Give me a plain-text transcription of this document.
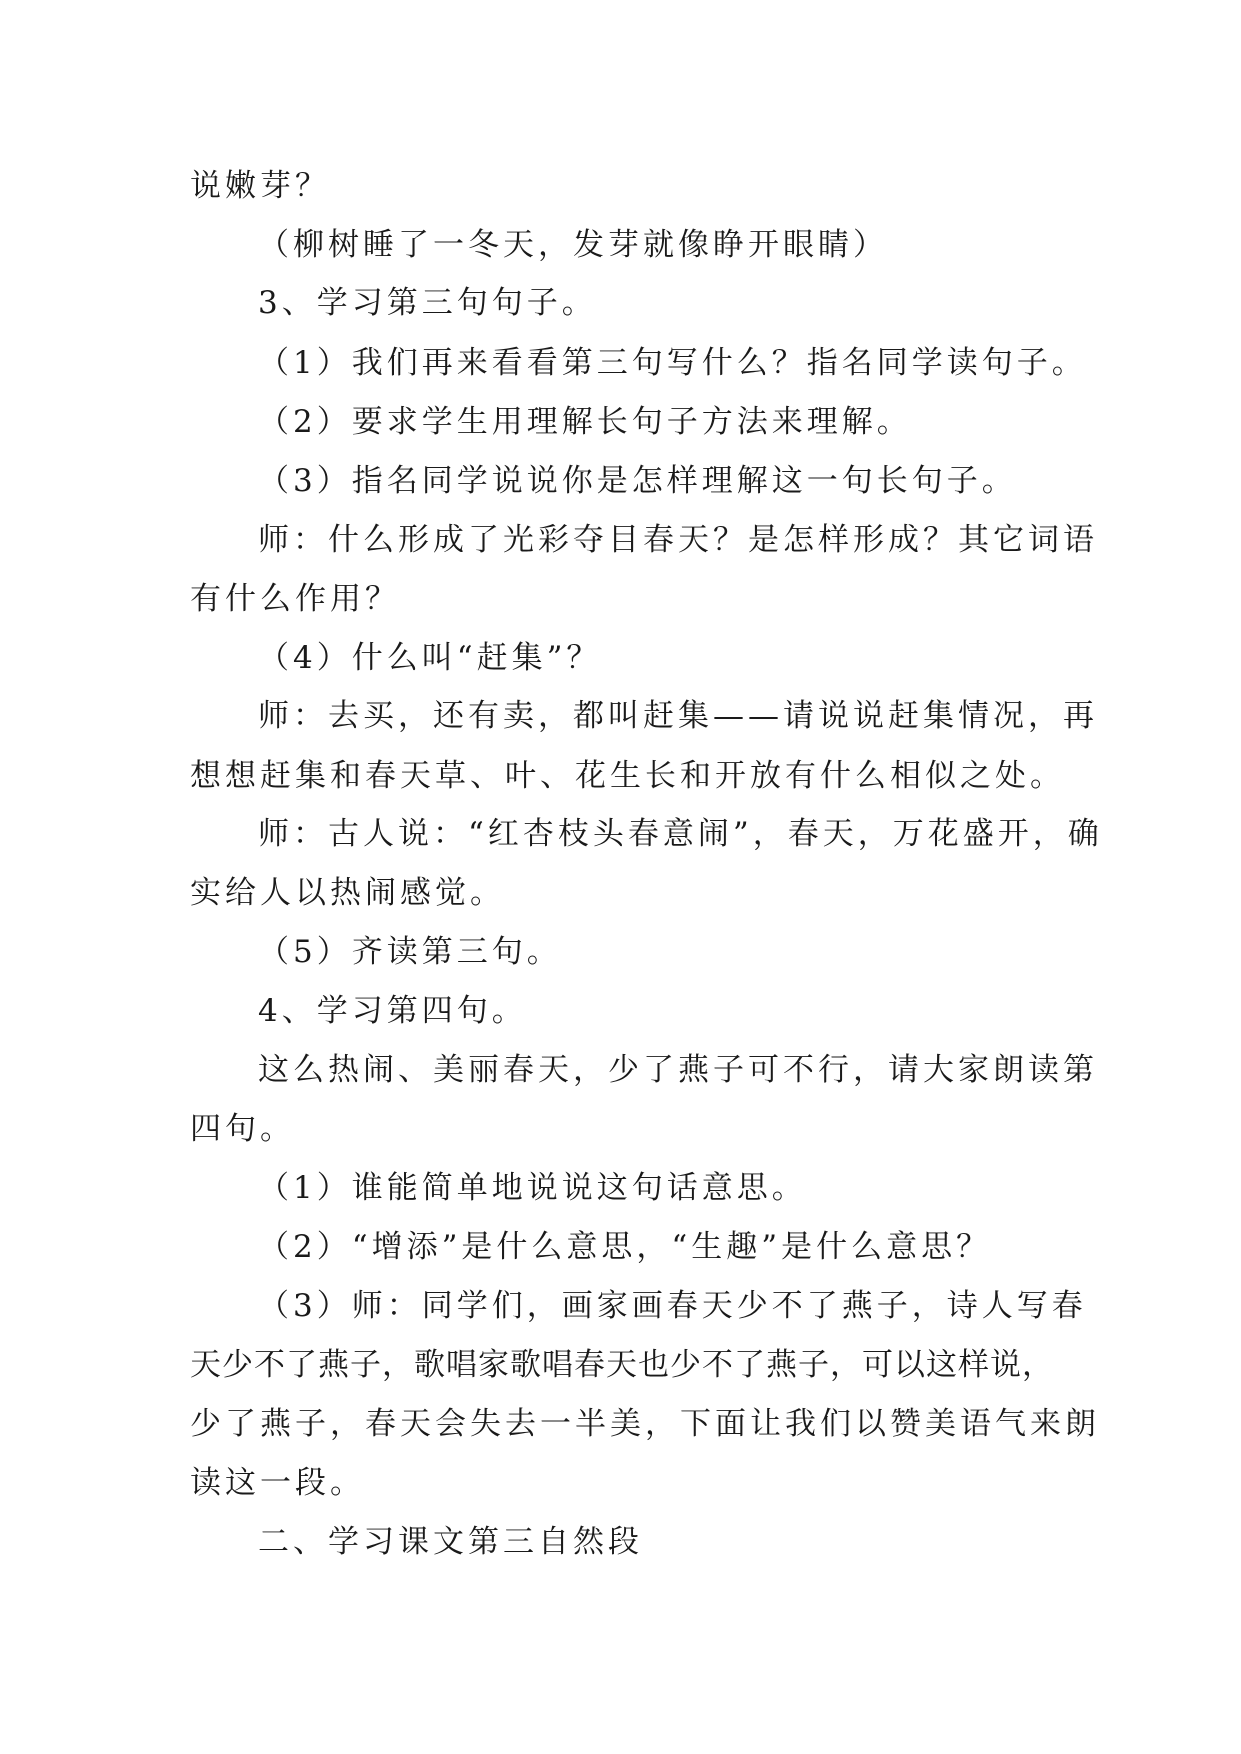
说嫩芽？
（柳树睡了一冬天，发芽就像睁开眼睛）
3、学习第三句句子。
（1）我们再来看看第三句写什么？指名同学读句子。
（2）要求学生用理解长句子方法来理解。
（3）指名同学说说你是怎样理解这一句长句子。
师：什么形成了光彩夺目春天？是怎样形成？其它词语
有什么作用？
（4）什么叫“赶集”？
师：去买，还有卖，都叫赶集——请说说赶集情况，再
想想赶集和春天草、叶、花生长和开放有什么相似之处。
师：古人说：“红杏枝头春意闹”，春天，万花盛开，确
实给人以热闹感觉。
（5）齐读第三句。
4、学习第四句。
这么热闹、美丽春天，少了燕子可不行，请大家朗读第
四句。
（1）谁能简单地说说这句话意思。
（2）“增添”是什么意思，“生趣”是什么意思？
（3）师：同学们，画家画春天少不了燕子，诗人写春
天少不了燕子，歌唱家歌唱春天也少不了燕子，可以这样说，
少了燕子，春天会失去一半美，下面让我们以赞美语气来朗
读这一段。
二、学习课文第三自然段
